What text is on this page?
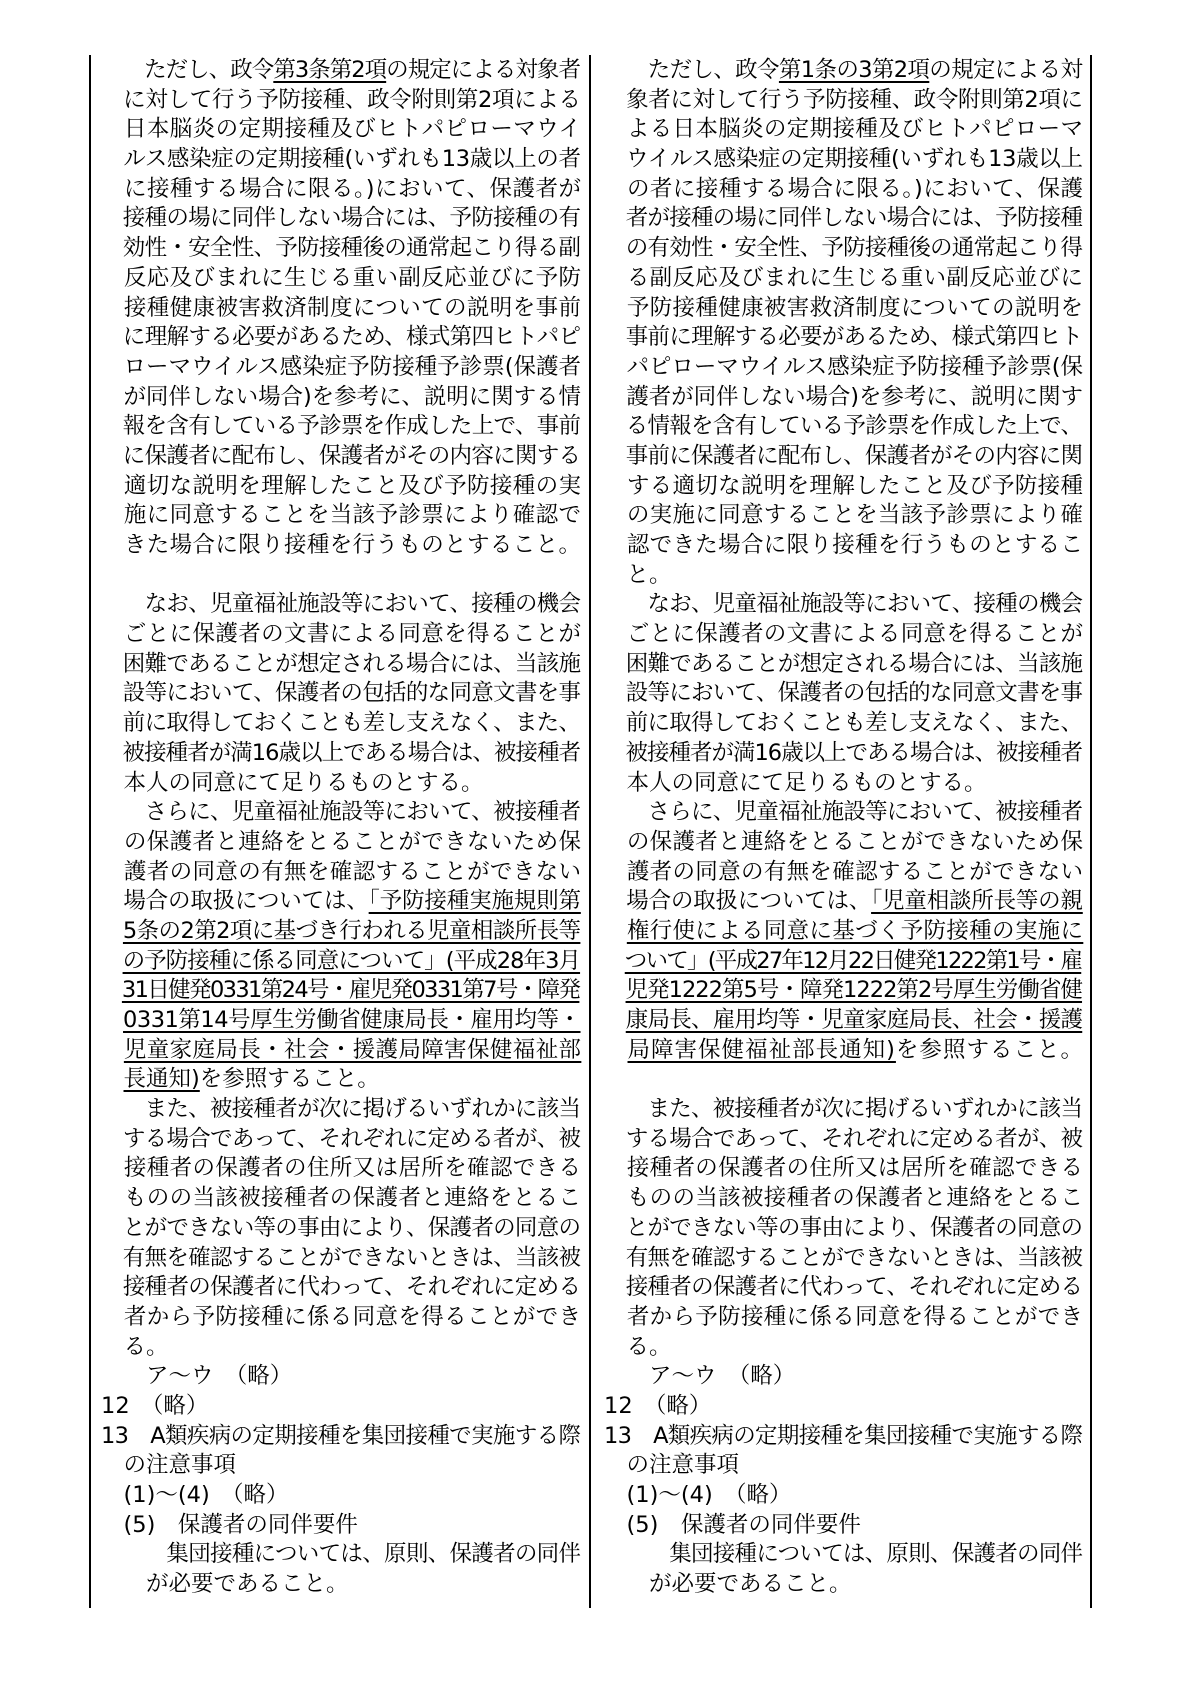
　　ただし、政令第3条第2項の規定による対象者
　に対して行う予防接種、政令附則第2項による
　日本脳炎の定期接種及びヒトパピローマウイ
　ルス感染症の定期接種(いずれも13歳以上の者
　に接種する場合に限る。)において、保護者が
　接種の場に同伴しない場合には、予防接種の有
　効性・安全性、予防接種後の通常起こり得る副
　反応及びまれに生じる重い副反応並びに予防
　接種健康被害救済制度についての説明を事前
　に理解する必要があるため、様式第四ヒトパピ
　ローマウイルス感染症予防接種予診票(保護者
　が同伴しない場合)を参考に、説明に関する情
　報を含有している予診票を作成した上で、事前
　に保護者に配布し、保護者がその内容に関する
　適切な説明を理解したこと及び予防接種の実
　施に同意することを当該予診票により確認で
　きた場合に限り接種を行うものとすること。
　　なお、児童福祉施設等において、接種の機会
　ごとに保護者の文書による同意を得ることが
　困難であることが想定される場合には、当該施
　設等において、保護者の包括的な同意文書を事
　前に取得しておくことも差し支えなく、また、
　被接種者が満16歳以上である場合は、被接種者
　本人の同意にて足りるものとする。
　　さらに、児童福祉施設等において、被接種者
　の保護者と連絡をとることができないため保
　護者の同意の有無を確認することができない
　場合の取扱については、「予防接種実施規則第
　5条の2第2項に基づき行われる児童相談所長等
　の予防接種に係る同意について」(平成28年3月
　31日健発0331第24号・雇児発0331第7号・障発
　0331第14号厚生労働省健康局長・雇用均等・
　児童家庭局長・社会・援護局障害保健福祉部
　長通知)を参照すること。
　　また、被接種者が次に掲げるいずれかに該当
　する場合であって、それぞれに定める者が、被
　接種者の保護者の住所又は居所を確認できる
　ものの当該被接種者の保護者と連絡をとるこ
　とができない等の事由により、保護者の同意の
　有無を確認することができないときは、当該被
　接種者の保護者に代わって、それぞれに定める
　者から予防接種に係る同意を得ることができ
　る。
　　ア～ウ　（略）
12　（略）
13　A類疾病の定期接種を集団接種で実施する際
　の注意事項
　(1)～(4)　（略）
　(5)　保護者の同伴要件
　　　集団接種については、原則、保護者の同伴
　　が必要であること。
　　ただし、政令第1条の3第2項の規定による対
　象者に対して行う予防接種、政令附則第2項に
　よる日本脳炎の定期接種及びヒトパピローマ
　ウイルス感染症の定期接種(いずれも13歳以上
　の者に接種する場合に限る。)において、保護
　者が接種の場に同伴しない場合には、予防接種
　の有効性・安全性、予防接種後の通常起こり得
　る副反応及びまれに生じる重い副反応並びに
　予防接種健康被害救済制度についての説明を
　事前に理解する必要があるため、様式第四ヒト
　パピローマウイルス感染症予防接種予診票(保
　護者が同伴しない場合)を参考に、説明に関す
　る情報を含有している予診票を作成した上で、
　事前に保護者に配布し、保護者がその内容に関
　する適切な説明を理解したこと及び予防接種
　の実施に同意することを当該予診票により確
　認できた場合に限り接種を行うものとするこ
　と。
　　なお、児童福祉施設等において、接種の機会
　ごとに保護者の文書による同意を得ることが
　困難であることが想定される場合には、当該施
　設等において、保護者の包括的な同意文書を事
　前に取得しておくことも差し支えなく、また、
　被接種者が満16歳以上である場合は、被接種者
　本人の同意にて足りるものとする。
　　さらに、児童福祉施設等において、被接種者
　の保護者と連絡をとることができないため保
　護者の同意の有無を確認することができない
　場合の取扱については、「児童相談所長等の親
　権行使による同意に基づく予防接種の実施に
　ついて」(平成27年12月22日健発1222第1号・雇
　児発1222第5号・障発1222第2号厚生労働省健
　康局長、雇用均等・児童家庭局長、社会・援護
　局障害保健福祉部長通知)を参照すること。
　　また、被接種者が次に掲げるいずれかに該当
　する場合であって、それぞれに定める者が、被
　接種者の保護者の住所又は居所を確認できる
　ものの当該被接種者の保護者と連絡をとるこ
　とができない等の事由により、保護者の同意の
　有無を確認することができないときは、当該被
　接種者の保護者に代わって、それぞれに定める
　者から予防接種に係る同意を得ることができ
　る。
　　ア～ウ　（略）
12　（略）
13　A類疾病の定期接種を集団接種で実施する際
　の注意事項
　(1)～(4)　（略）
　(5)　保護者の同伴要件
　　　集団接種については、原則、保護者の同伴
　　が必要であること。
